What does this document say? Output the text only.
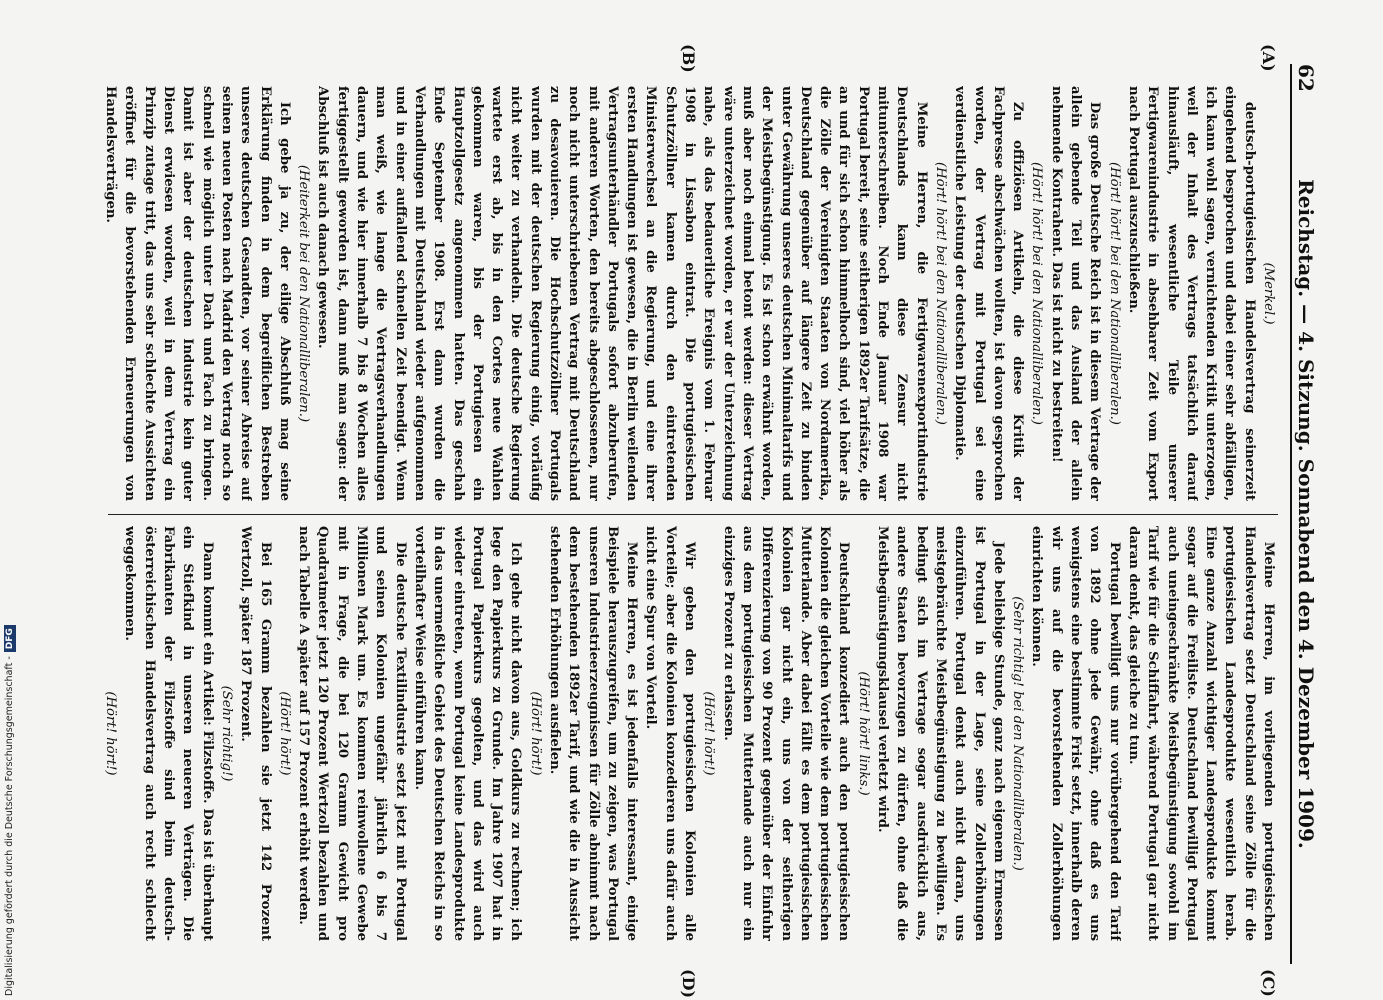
62
Reichstag. — 4. Sitzung. Sonnabend den 4. Dezember 1909.
(A)
(B)
(C)
(D)

(Merkel.)

deutsch-portugiesischen Handelsvertrag seinerzeit eingehend besprochen und dabei einer sehr abfälligen, ich kann wohl sagen, vernichtenden Kritik unterzogen, weil der Inhalt des Vertrags tatsächlich darauf hinausläuft, wesentliche Teile unserer Fertigwarenindustrie in absehbarer Zeit vom Export nach Portugal auszuschließen.

(Hört! hört! bei den Nationalliberalen.)

Das große Deutsche Reich ist in diesem Vertrage der allein gebende Teil und das Ausland der allein nehmende Kontrahent. Das ist nicht zu bestreiten!

(Hört! hört! bei den Nationalliberalen.)

Zu offiziösen Artikeln, die diese Kritik der Fachpresse abschwächen wollten, ist davon gesprochen worden, der Vertrag mit Portugal sei eine verdienstliche Leistung der deutschen Diplomatie.

(Hört! hört! bei den Nationalliberalen.)

Meine Herren, die Fertigwarenexportindustrie Deutschlands kann diese Zensur nicht mitunterschreiben. Noch Ende Januar 1908 war Portugal bereit, seine seitherigen 1892er Tarifsätze, die an und für sich schon himmelhoch sind, viel höher als die Zölle der Vereinigten Staaten von Nordamerika, Deutschland gegenüber auf längere Zeit zu binden unter Gewährung unseres deutschen Minimaltarifs und der Meistbegünstigung. Es ist schon erwähnt worden, muß aber noch einmal betont werden: dieser Vertrag wäre unterzeichnet worden, er war der Unterzeichnung nahe, als das bedauerliche Ereignis vom 1. Februar 1908 in Lissabon eintrat. Die portugiesischen Schutzzöllner kamen durch den eintretenden Ministerwechsel an die Regierung, und eine ihrer ersten Handlungen ist gewesen, die in Berlin weilenden Vertragsunterhändler Portugals sofort abzuberufen, mit anderen Worten, den bereits abgeschlossenen, nur noch nicht unterschriebenen Vertrag mit Deutschland zu desavouieren. Die Hochschutzzöllner Portugals wurden mit der deutschen Regierung einig, vorläufig nicht weiter zu verhandeln. Die deutsche Regierung wartete erst ab, bis in den Cortes neue Wahlen gekommen waren, bis der Portugiesen ein Hauptzollgesetz angenommen hatten. Das geschah Ende September 1908. Erst dann wurden die Verhandlungen mit Deutschland wieder aufgenommen und in einer auffallend schnellen Zeit beendigt. Wenn man weiß, wie lange die Vertragsverhandlungen dauern, und wie hier innerhalb 7 bis 8 Wochen alles fertiggestellt geworden ist, dann muß man sagen: der Abschluß ist auch danach gewesen.

(Heiterkeit bei den Nationalliberalen.)

Ich gebe ja zu, der eilige Abschluß mag seine Erklärung finden in dem begreiflichen Bestreben unseres deutschen Gesandten, vor seiner Abreise auf seinen neuen Posten nach Madrid den Vertrag noch so schnell wie möglich unter Dach und Fach zu bringen. Damit ist aber der deutschen Industrie kein guter Dienst erwiesen worden, weil in dem Vertrag ein Prinzip zutage tritt, das uns sehr schlechte Aussichten eröffnet für die bevorstehenden Erneuerungen von Handelsverträgen.

Meine Herren, im vorliegenden portugiesischen Handelsvertrag setzt Deutschland seine Zölle für die portugiesischen Landesprodukte wesentlich herab. Eine ganze Anzahl wichtiger Landesprodukte kommt sogar auf die Freiliste. Deutschland bewilligt Portugal auch uneingeschränkte Meistbegünstigung sowohl im Tarif wie für die Schiffahrt, während Portugal gar nicht daran denkt, das gleiche zu tun.

Portugal bewilligt uns nur vorübergehend den Tarif von 1892 ohne jede Gewähr, ohne daß es uns wenigstens eine bestimmte Frist setzt, innerhalb deren wir uns auf die bevorstehenden Zollerhöhungen einrichten können.

(Sehr richtig! bei den Nationalliberalen.)

Jede beliebige Stunde, ganz nach eigenem Ermessen ist Portugal in der Lage, seine Zollerhöhungen einzuführen. Portugal denkt auch nicht daran, uns meistgebräuchte Meistbegünstigung zu bewilligen. Es bedingt sich im Vertrage sogar ausdrücklich aus, andere Staaten bevorzugen zu dürfen, ohne daß die Meistbegünstigungsklausel verletzt wird.

(Hört! hört! links.)

Deutschland konzediert auch den portugiesischen Kolonien die gleichen Vorteile wie dem portugiesischen Mutterlande. Aber dabei fällt es dem portugiesischen Kolonien gar nicht ein, uns von der seitherigen Differenzierung von 90 Prozent gegenüber der Einfuhr aus dem portugiesischen Mutterlande auch nur ein einziges Prozent zu erlassen.

(Hört! hört!)

Wir geben den portugiesischen Kolonien alle Vorteile; aber die Kolonien konzedieren uns dafür auch nicht eine Spur von Vorteil.

Meine Herren, es ist jedenfalls interessant, einige Beispiele herauszugreifen, um zu zeigen, was Portugal unseren Industrieerzeugnissen für Zölle abnimmt nach dem bestehenden 1892er Tarif, und wie die in Aussicht stehenden Erhöhungen ausfielen.

(Hört! hört!)

Ich gehe nicht davon aus, Goldkurs zu rechnen; ich lege den Papierkurs zu Grunde. Im Jahre 1907 hat in Portugal Papierkurs gegolten, und das wird auch wieder eintreten, wenn Portugal keine Landesprodukte in das unermeßliche Gebiet des Deutschen Reichs in so vorteilhafter Weise einführen kann.

Die deutsche Textilindustrie setzt jetzt mit Portugal und seinen Kolonien ungefähr jährlich 6 bis 7 Millionen Mark um. Es kommen reinwollene Gewebe mit in Frage, die bei 120 Gramm Gewicht pro Quadratmeter jetzt 120 Prozent Wertzoll bezahlen und nach Tabelle A später auf 157 Prozent erhöht werden.

(Hört! hört!)

Bei 165 Gramm bezahlen sie jetzt 142 Prozent Wertzoll, später 187 Prozent.

(Sehr richtig!)

Dann kommt ein Artikel: Filzstoffe. Das ist überhaupt ein Stiefkind in unseren neueren Verträgen. Die Fabrikanten der Filzstoffe sind beim deutsch-österreichischen Handelsvertrag auch recht schlecht weggekommen.

(Hört! hört!)

Digitalisierung gefördert durch die Deutsche Forschungsgemeinschaft -DFG
